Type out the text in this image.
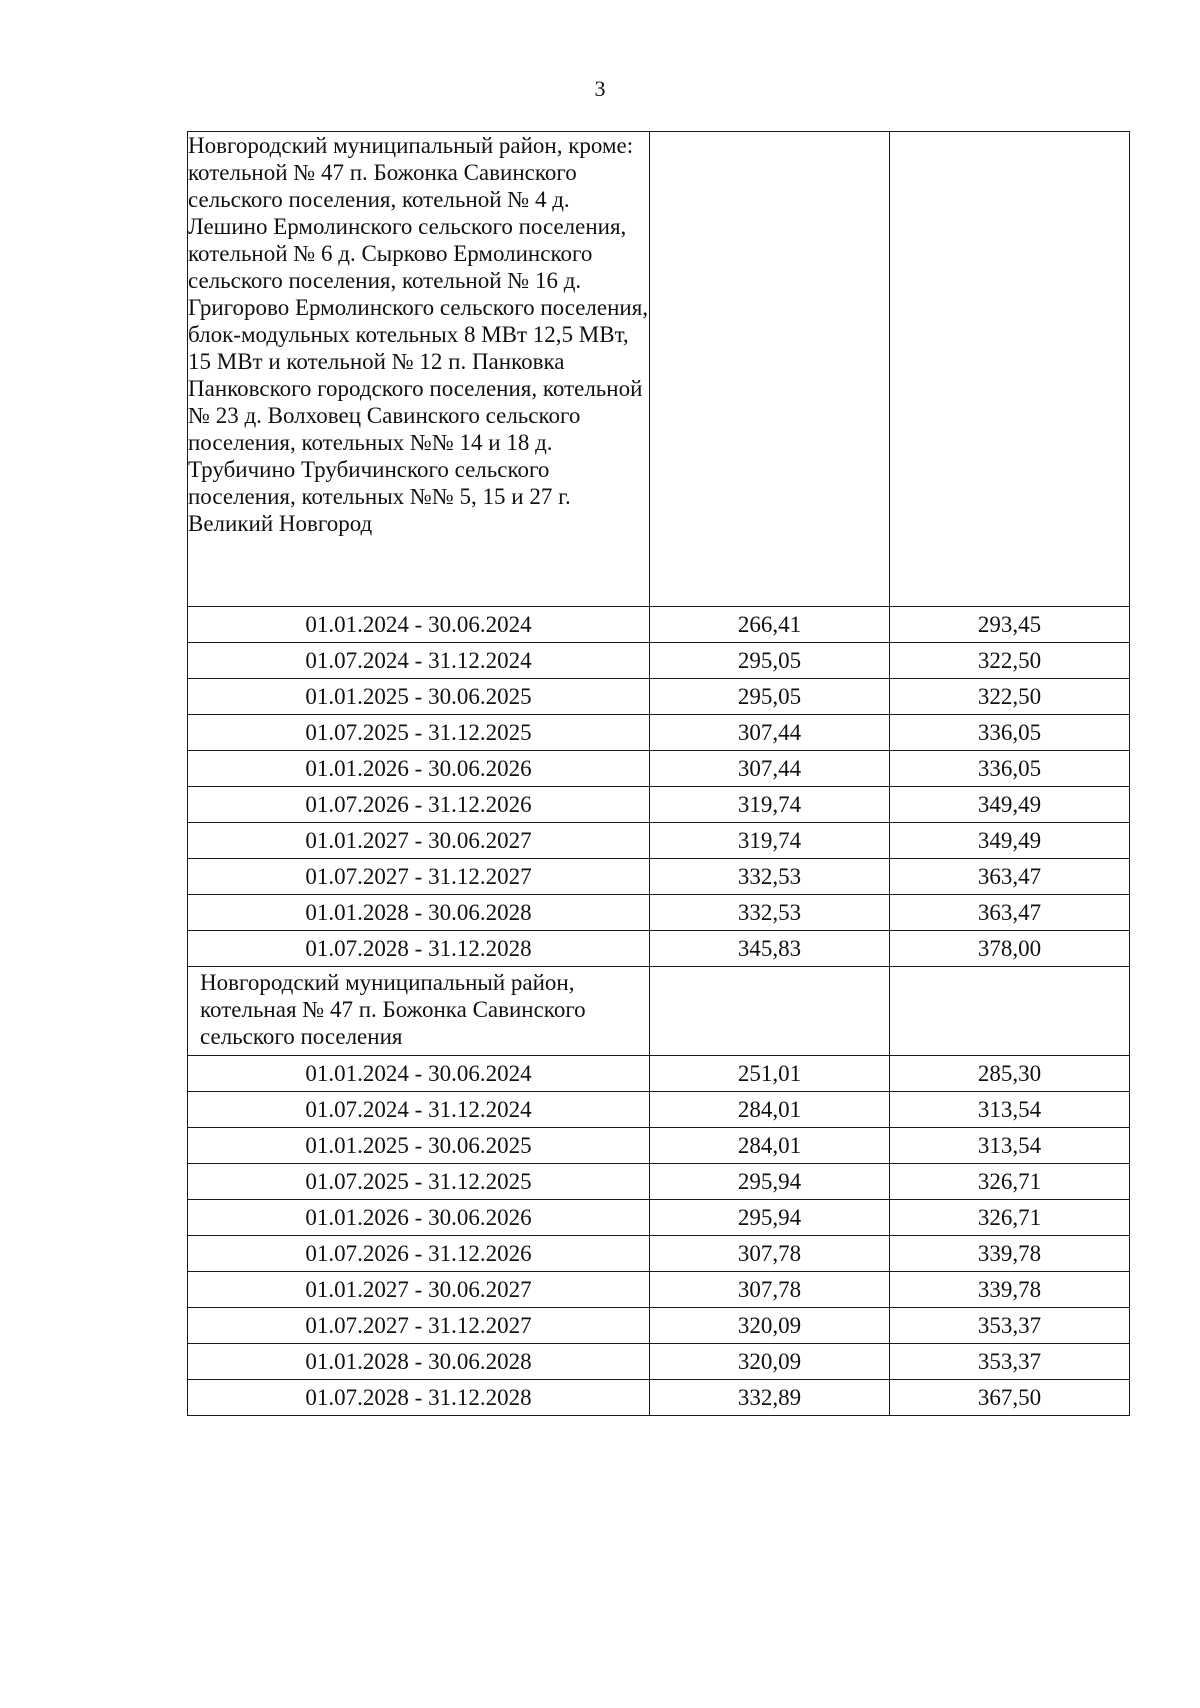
3
Новгородский муниципальный район, кроме: котельной № 47 п. Божонка Савинского сельского поселения, котельной № 4 д. Лешино Ермолинского сельского поселения, котельной № 6 д. Сырково Ермолинского сельского поселения, котельной № 16 д. Григорово Ермолинского сельского поселения, блок-модульных котельных 8 МВт 12,5 МВт, 15 МВт и котельной № 12 п. Панковка Панковского городского поселения, котельной № 23 д. Волховец Савинского сельского поселения, котельных №№ 14 и 18 д. Трубичино Трубичинского сельского поселения, котельных №№ 5, 15 и 27 г. Великий Новгород		
01.01.2024 - 30.06.2024	266,41	293,45
01.07.2024 - 31.12.2024	295,05	322,50
01.01.2025 - 30.06.2025	295,05	322,50
01.07.2025 - 31.12.2025	307,44	336,05
01.01.2026 - 30.06.2026	307,44	336,05
01.07.2026 - 31.12.2026	319,74	349,49
01.01.2027 - 30.06.2027	319,74	349,49
01.07.2027 - 31.12.2027	332,53	363,47
01.01.2028 - 30.06.2028	332,53	363,47
01.07.2028 - 31.12.2028	345,83	378,00
Новгородский муниципальный район, котельная № 47 п. Божонка Савинского сельского поселения		
01.01.2024 - 30.06.2024	251,01	285,30
01.07.2024 - 31.12.2024	284,01	313,54
01.01.2025 - 30.06.2025	284,01	313,54
01.07.2025 - 31.12.2025	295,94	326,71
01.01.2026 - 30.06.2026	295,94	326,71
01.07.2026 - 31.12.2026	307,78	339,78
01.01.2027 - 30.06.2027	307,78	339,78
01.07.2027 - 31.12.2027	320,09	353,37
01.01.2028 - 30.06.2028	320,09	353,37
01.07.2028 - 31.12.2028	332,89	367,50
